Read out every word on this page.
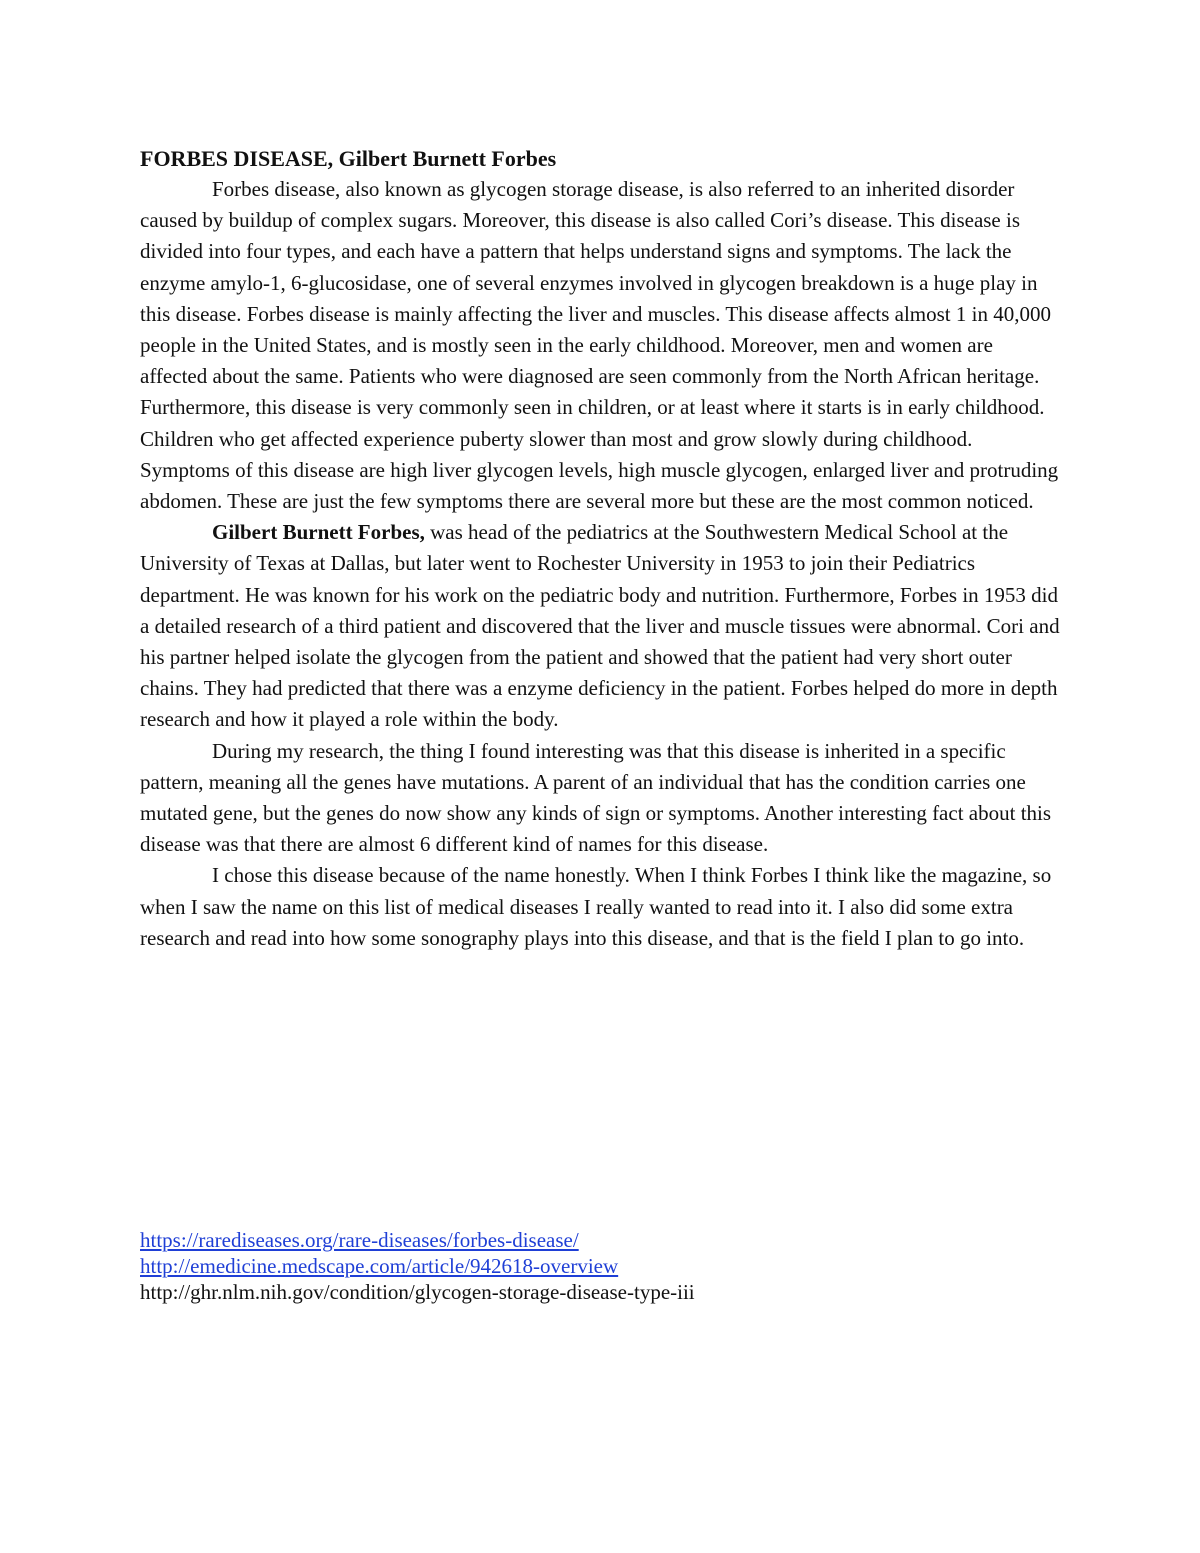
FORBES DISEASE, Gilbert Burnett Forbes

Forbes disease, also known as glycogen storage disease, is also referred to an inherited disorder caused by buildup of complex sugars. Moreover, this disease is also called Cori’s disease. This disease is divided into four types, and each have a pattern that helps understand signs and symptoms. The lack the enzyme amylo-1, 6-glucosidase, one of several enzymes involved in glycogen breakdown is a huge play in this disease. Forbes disease is mainly affecting the liver and muscles. This disease affects almost 1 in 40,000 people in the United States, and is mostly seen in the early childhood. Moreover, men and women are affected about the same. Patients who were diagnosed are seen commonly from the North African heritage. Furthermore, this disease is very commonly seen in children, or at least where it starts is in early childhood. Children who get affected experience puberty slower than most and grow slowly during childhood. Symptoms of this disease are high liver glycogen levels, high muscle glycogen, enlarged liver and protruding abdomen. These are just the few symptoms there are several more but these are the most common noticed.

Gilbert Burnett Forbes, was head of the pediatrics at the Southwestern Medical School at the University of Texas at Dallas, but later went to Rochester University in 1953 to join their Pediatrics department. He was known for his work on the pediatric body and nutrition. Furthermore, Forbes in 1953 did a detailed research of a third patient and discovered that the liver and muscle tissues were abnormal. Cori and his partner helped isolate the glycogen from the patient and showed that the patient had very short outer chains. They had predicted that there was a enzyme deficiency in the patient. Forbes helped do more in depth research and how it played a role within the body.

During my research, the thing I found interesting was that this disease is inherited in a specific pattern, meaning all the genes have mutations. A parent of an individual that has the condition carries one mutated gene, but the genes do now show any kinds of sign or symptoms. Another interesting fact about this disease was that there are almost 6 different kind of names for this disease.

I chose this disease because of the name honestly. When I think Forbes I think like the magazine, so when I saw the name on this list of medical diseases I really wanted to read into it. I also did some extra research and read into how some sonography plays into this disease, and that is the field I plan to go into.

https://rarediseases.org/rare-diseases/forbes-disease/
http://emedicine.medscape.com/article/942618-overview
http://ghr.nlm.nih.gov/condition/glycogen-storage-disease-type-iii
